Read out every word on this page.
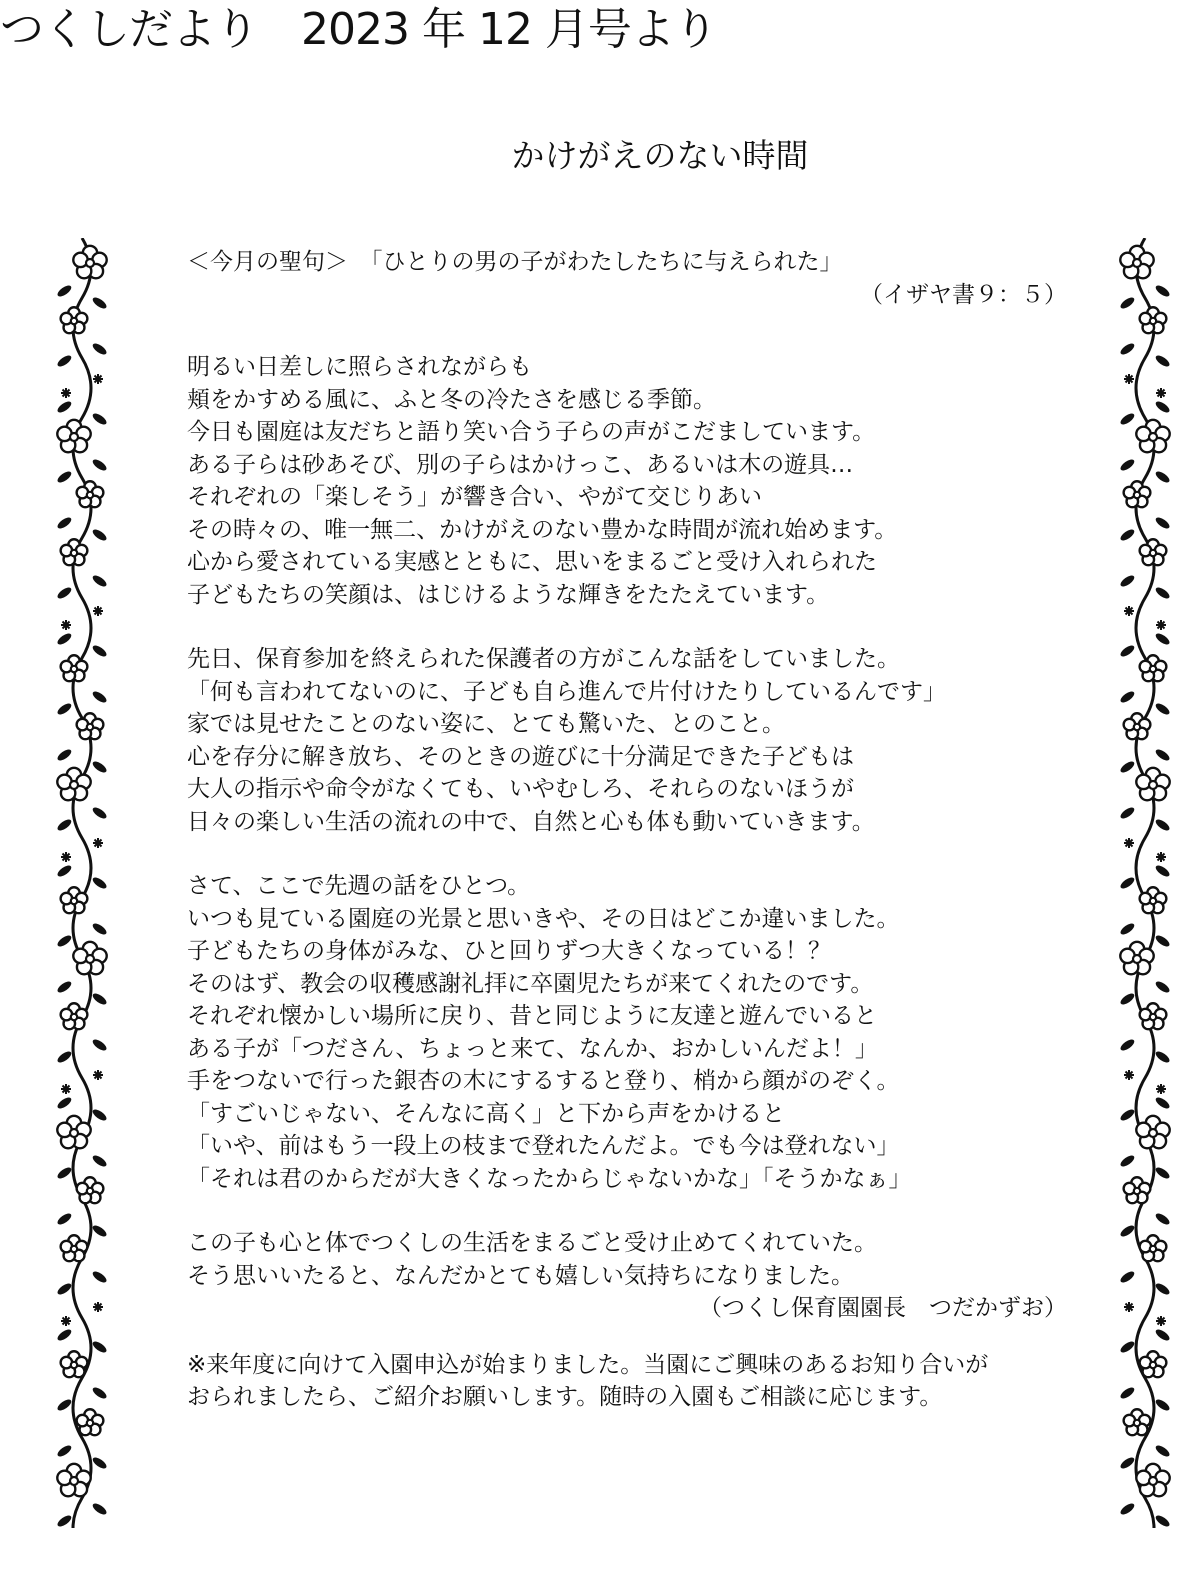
つくしだより　2023 年 12 月号より
かけがえのない時間
＜今月の聖句＞　「ひとりの男の子がわたしたちに与えられた」
（イザヤ書９：５）
明るい日差しに照らされながらも
頬をかすめる風に、ふと冬の冷たさを感じる季節。
今日も園庭は友だちと語り笑い合う子らの声がこだましています。
ある子らは砂あそび、別の子らはかけっこ、あるいは木の遊具…
それぞれの「楽しそう」が響き合い、やがて交じりあい
その時々の、唯一無二、かけがえのない豊かな時間が流れ始めます。
心から愛されている実感とともに、思いをまるごと受け入れられた
子どもたちの笑顔は、はじけるような輝きをたたえています。
先日、保育参加を終えられた保護者の方がこんな話をしていました。
「何も言われてないのに、子ども自ら進んで片付けたりしているんです」
家では見せたことのない姿に、とても驚いた、とのこと。
心を存分に解き放ち、そのときの遊びに十分満足できた子どもは
大人の指示や命令がなくても、いやむしろ、それらのないほうが
日々の楽しい生活の流れの中で、自然と心も体も動いていきます。
さて、ここで先週の話をひとつ。
いつも見ている園庭の光景と思いきや、その日はどこか違いました。
子どもたちの身体がみな、ひと回りずつ大きくなっている！？
そのはず、教会の収穫感謝礼拝に卒園児たちが来てくれたのです。
それぞれ懐かしい場所に戻り、昔と同じように友達と遊んでいると
ある子が「つださん、ちょっと来て、なんか、おかしいんだよ！」
手をつないで行った銀杏の木にするすると登り、梢から顔がのぞく。
「すごいじゃない、そんなに高く」と下から声をかけると
「いや、前はもう一段上の枝まで登れたんだよ。でも今は登れない」
「それは君のからだが大きくなったからじゃないかな」「そうかなぁ」
この子も心と体でつくしの生活をまるごと受け止めてくれていた。
そう思いいたると、なんだかとても嬉しい気持ちになりました。
（つくし保育園園長　つだかずお）
※来年度に向けて入園申込が始まりました。当園にご興味のあるお知り合いが
おられましたら、ご紹介お願いします。随時の入園もご相談に応じます。
